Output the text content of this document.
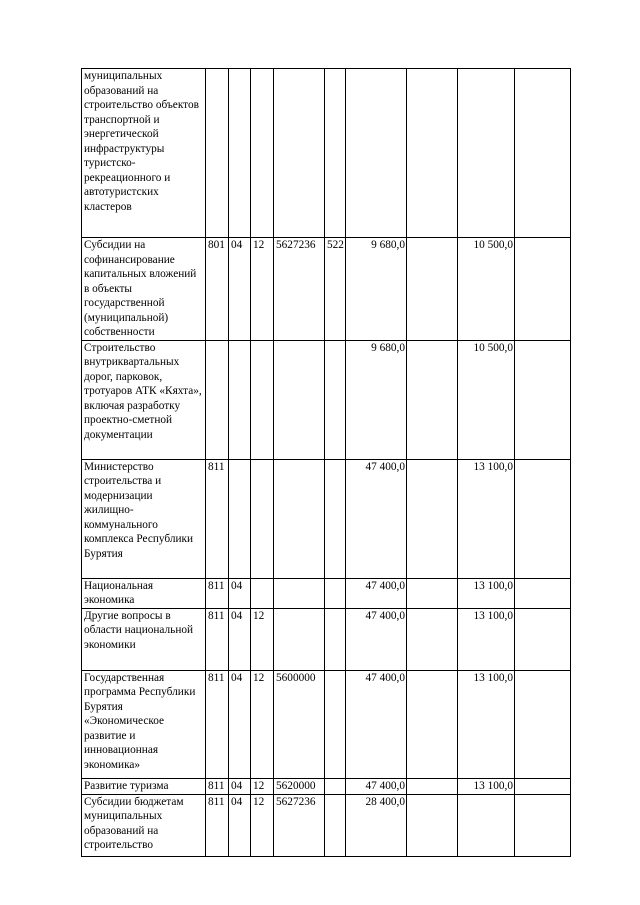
муниципальных образований на строительство объектов транспортной и энергетической инфраструктуры туристско-рекреационного и автотуристских кластеров									
Субсидии на софинансирование капитальных вложений в объекты государственной (муниципальной) собственности	801	04	12	5627236	522	9 680,0		10 500,0	
Строительство внутриквартальных дорог, парковок, тротуаров АТК «Кяхта», включая разработку проектно-сметной документации						9 680,0		10 500,0	
Министерство строительства и модернизации жилищно-коммунального комплекса Республики Бурятия	811					47 400,0		13 100,0	
Национальная экономика	811	04				47 400,0		13 100,0	
Другие вопросы в области национальной экономики	811	04	12			47 400,0		13 100,0	
Государственная программа Республики Бурятия «Экономическое развитие и инновационная экономика»	811	04	12	5600000		47 400,0		13 100,0	
Развитие туризма	811	04	12	5620000		47 400,0		13 100,0	
Субсидии бюджетам муниципальных образований на строительство	811	04	12	5627236		28 400,0			
